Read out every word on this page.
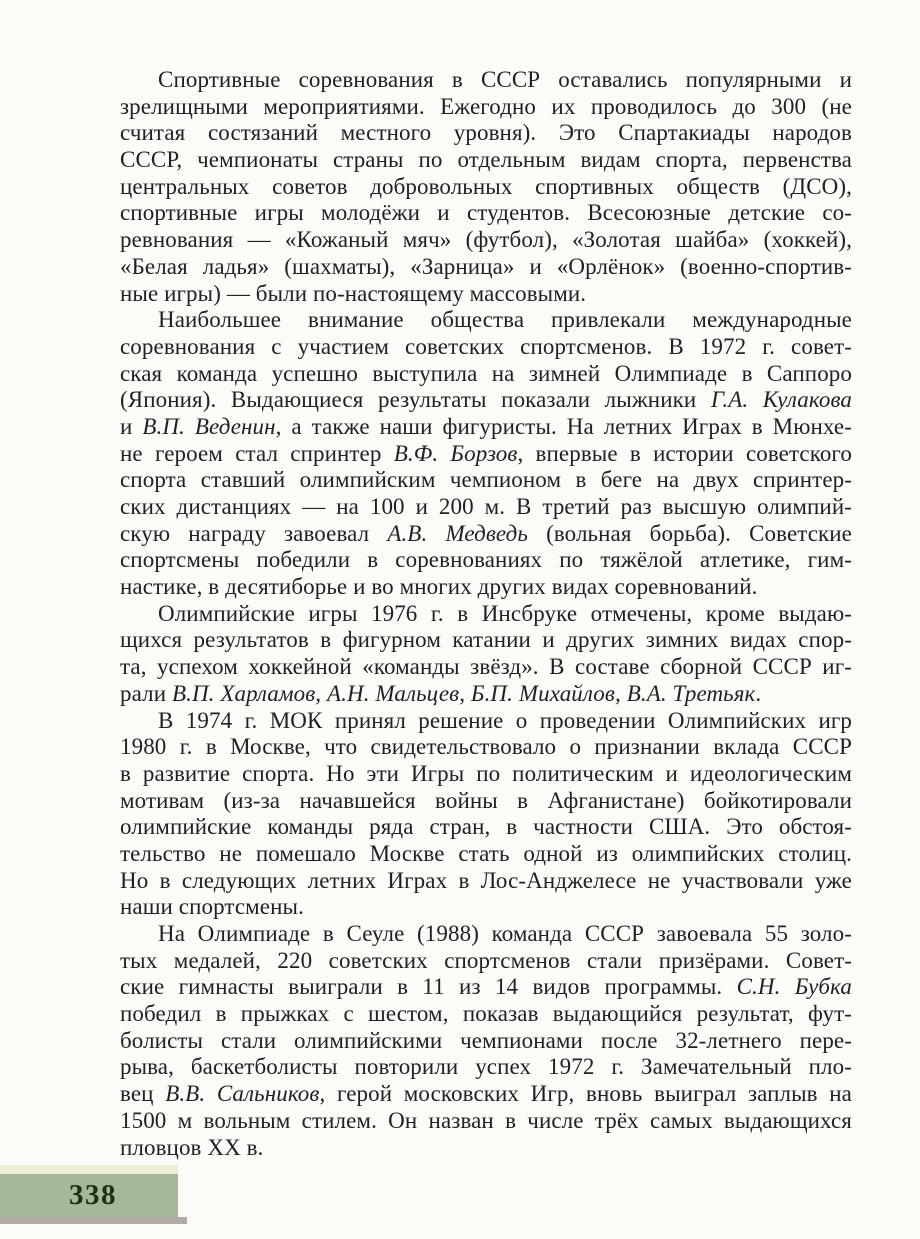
Спортивные соревнования в СССР оставались популярными и
зрелищными мероприятиями. Ежегодно их проводилось до 300 (не
считая состязаний местного уровня). Это Спартакиады народов
СССР, чемпионаты страны по отдельным видам спорта, первенства
центральных советов добровольных спортивных обществ (ДСО),
спортивные игры молодёжи и студентов. Всесоюзные детские со-
ревнования — «Кожаный мяч» (футбол), «Золотая шайба» (хоккей),
«Белая ладья» (шахматы), «Зарница» и «Орлёнок» (военно-спортив-
ные игры) — были по-настоящему массовыми.
Наибольшее внимание общества привлекали международные
соревнования с участием советских спортсменов. В 1972 г. совет-
ская команда успешно выступила на зимней Олимпиаде в Саппоро
(Япония). Выдающиеся результаты показали лыжники Г.А. Кулакова
и В.П. Веденин, а также наши фигуристы. На летних Играх в Мюнхе-
не героем стал спринтер В.Ф. Борзов, впервые в истории советского
спорта ставший олимпийским чемпионом в беге на двух спринтер-
ских дистанциях — на 100 и 200 м. В третий раз высшую олимпий-
скую награду завоевал А.В. Медведь (вольная борьба). Советские
спортсмены победили в соревнованиях по тяжёлой атлетике, гим-
настике, в десятиборье и во многих других видах соревнований.
Олимпийские игры 1976 г. в Инсбруке отмечены, кроме выдаю-
щихся результатов в фигурном катании и других зимних видах спор-
та, успехом хоккейной «команды звёзд». В составе сборной СССР иг-
рали В.П. Харламов, А.Н. Мальцев, Б.П. Михайлов, В.А. Третьяк.
В 1974 г. МОК принял решение о проведении Олимпийских игр
1980 г. в Москве, что свидетельствовало о признании вклада СССР
в развитие спорта. Но эти Игры по политическим и идеологическим
мотивам (из-за начавшейся войны в Афганистане) бойкотировали
олимпийские команды ряда стран, в частности США. Это обстоя-
тельство не помешало Москве стать одной из олимпийских столиц.
Но в следующих летних Играх в Лос-Анджелесе не участвовали уже
наши спортсмены.
На Олимпиаде в Сеуле (1988) команда СССР завоевала 55 золо-
тых медалей, 220 советских спортсменов стали призёрами. Совет-
ские гимнасты выиграли в 11 из 14 видов программы. С.Н. Бубка
победил в прыжках с шестом, показав выдающийся результат, фут-
болисты стали олимпийскими чемпионами после 32-летнего пере-
рыва, баскетболисты повторили успех 1972 г. Замечательный пло-
вец В.В. Сальников, герой московских Игр, вновь выиграл заплыв на
1500 м вольным стилем. Он назван в числе трёх самых выдающихся
пловцов XX в.
338
